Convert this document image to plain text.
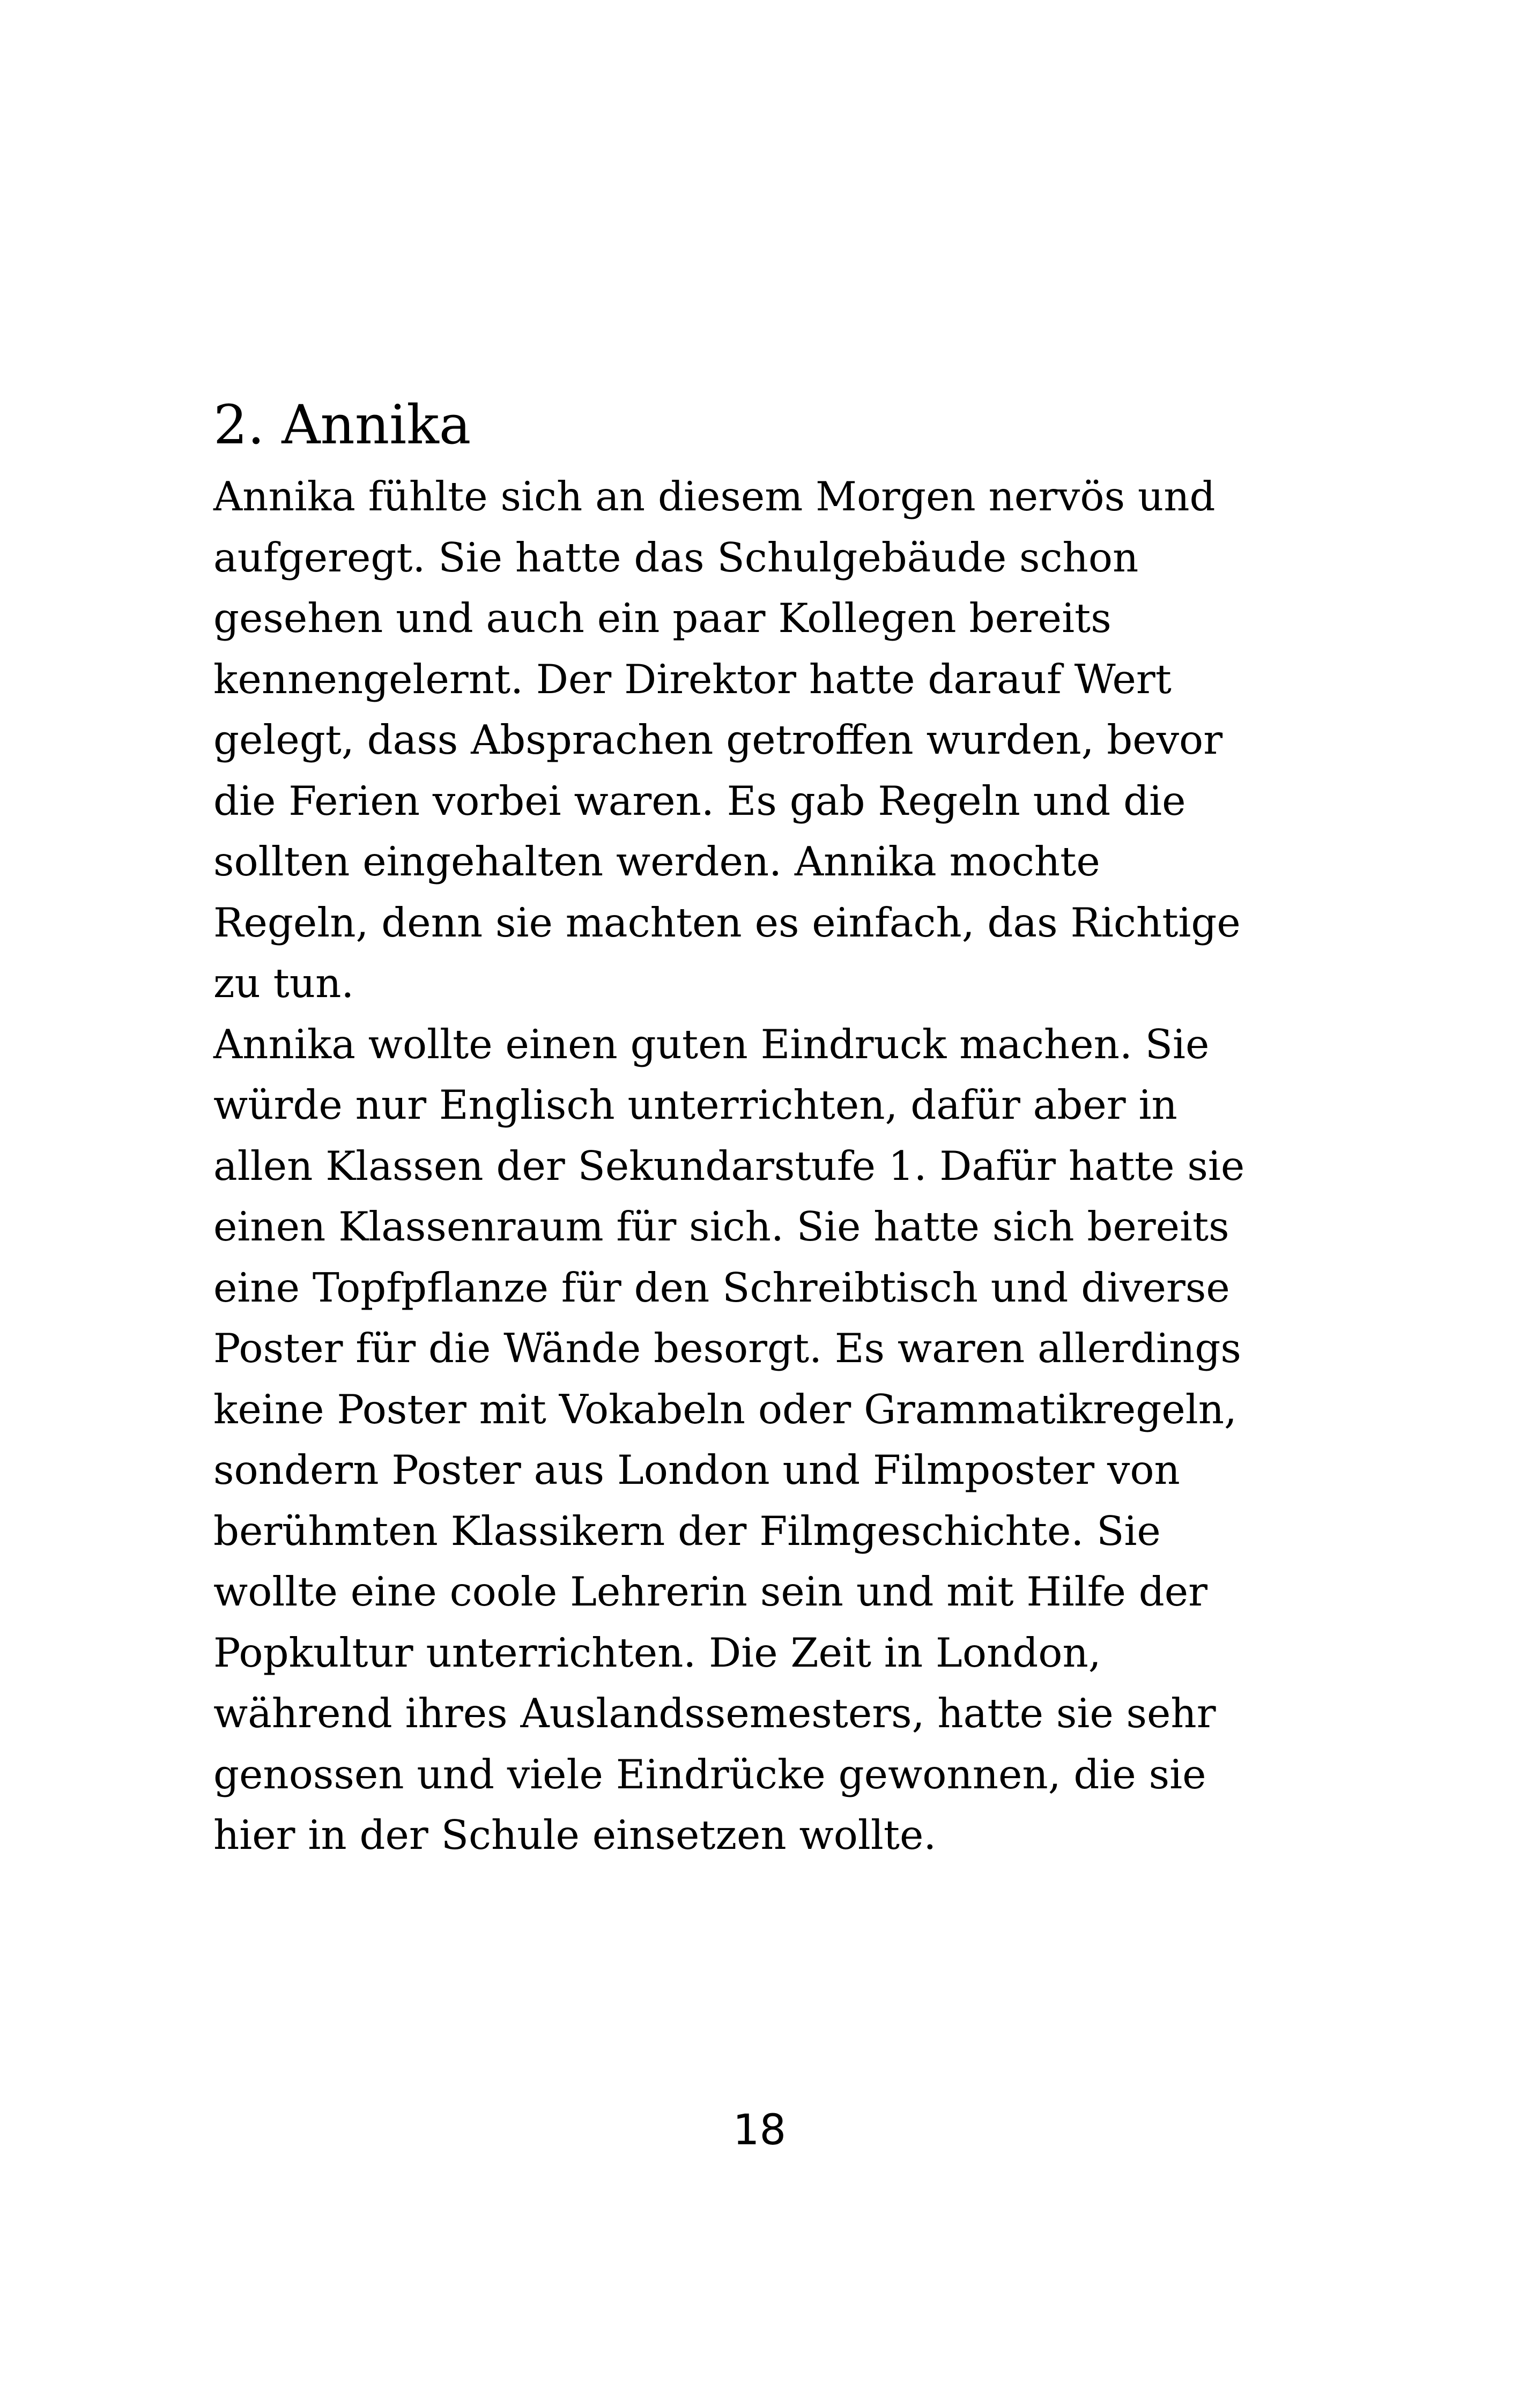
2. Annika
Annika fühlte sich an diesem Morgen nervös und
aufgeregt. Sie hatte das Schulgebäude schon
gesehen und auch ein paar Kollegen bereits
kennengelernt. Der Direktor hatte darauf Wert
gelegt, dass Absprachen getroffen wurden, bevor
die Ferien vorbei waren. Es gab Regeln und die
sollten eingehalten werden. Annika mochte
Regeln, denn sie machten es einfach, das Richtige
zu tun.
Annika wollte einen guten Eindruck machen. Sie
würde nur Englisch unterrichten, dafür aber in
allen Klassen der Sekundarstufe 1. Dafür hatte sie
einen Klassenraum für sich. Sie hatte sich bereits
eine Topfpflanze für den Schreibtisch und diverse
Poster für die Wände besorgt. Es waren allerdings
keine Poster mit Vokabeln oder Grammatikregeln,
sondern Poster aus London und Filmposter von
berühmten Klassikern der Filmgeschichte. Sie
wollte eine coole Lehrerin sein und mit Hilfe der
Popkultur unterrichten. Die Zeit in London,
während ihres Auslandssemesters, hatte sie sehr
genossen und viele Eindrücke gewonnen, die sie
hier in der Schule einsetzen wollte.
18
